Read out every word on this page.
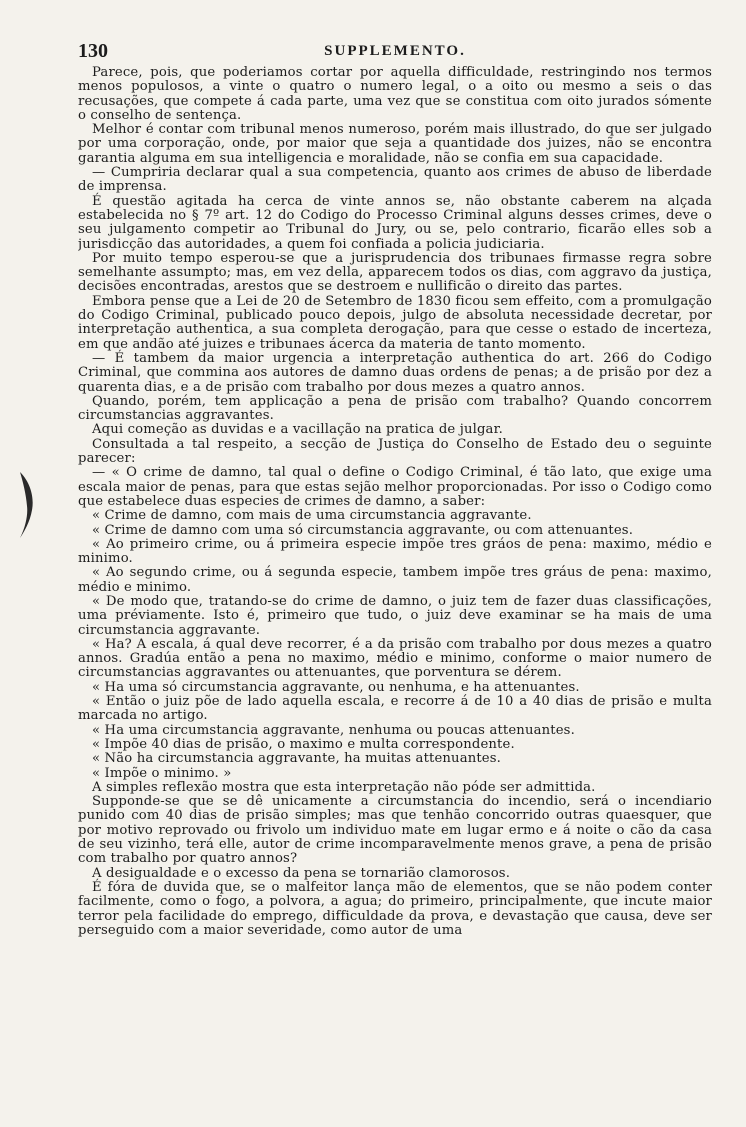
130	SUPPLEMENTO.

Parece, pois, que poderiamos cortar por aquella difficuldade, restringindo nos termos menos populosos, a vinte o quatro o numero legal, o a oito ou mesmo a seis o das recusações, que compete á cada parte, uma vez que se constitua com oito jurados sómente o conselho de sentença.

Melhor é contar com tribunal menos numeroso, porém mais illustrado, do que ser julgado por uma corporação, onde, por maior que seja a quantidade dos juizes, não se encontra garantia alguma em sua intelligencia e moralidade, não se confia em sua capacidade.

— Cumpriria declarar qual a sua competencia, quanto aos crimes de abuso de liberdade de imprensa.

É questão agitada ha cerca de vinte annos se, não obstante caberem na alçada estabelecida no § 7º art. 12 do Codigo do Processo Criminal alguns desses crimes, deve o seu julgamento competir ao Tribunal do Jury, ou se, pelo contrario, ficarão elles sob a jurisdicção das autoridades, a quem foi confiada a policia judiciaria.

Por muito tempo esperou-se que a jurisprudencia dos tribunaes firmasse regra sobre semelhante assumpto; mas, em vez della, apparecem todos os dias, com aggravo da justiça, decisões encontradas, arestos que se destroem e nullificão o direito das partes.

Embora pense que a Lei de 20 de Setembro de 1830 ficou sem effeito, com a promulgação do Codigo Criminal, publicado pouco depois, julgo de absoluta necessidade decretar, por interpretação authentica, a sua completa derogação, para que cesse o estado de incerteza, em que andão até juizes e tribunaes ácerca da materia de tanto momento.

— É tambem da maior urgencia a interpretação authentica do art. 266 do Codigo Criminal, que commina aos autores de damno duas ordens de penas; a de prisão por dez a quarenta dias, e a de prisão com trabalho por dous mezes a quatro annos.

Quando, porém, tem applicação a pena de prisão com trabalho? Quando concorrem circumstancias aggravantes.

Aqui começão as duvidas e a vacillação na pratica de julgar.

Consultada a tal respeito, a secção de Justiça do Conselho de Estado deu o seguinte parecer:

— « O crime de damno, tal qual o define o Codigo Criminal, é tão lato, que exige uma escala maior de penas, para que estas sejão melhor proporcionadas. Por isso o Codigo como que estabelece duas especies de crimes de damno, a saber:

« Crime de damno, com mais de uma circumstancia aggravante.

« Crime de damno com uma só circumstancia aggravante, ou com attenuantes.

« Ao primeiro crime, ou á primeira especie impõe tres gráos de pena: maximo, médio e minimo.

« Ao segundo crime, ou á segunda especie, tambem impõe tres gráus de pena: maximo, médio e minimo.

« De modo que, tratando-se do crime de damno, o juiz tem de fazer duas classificações, uma préviamente. Isto é, primeiro que tudo, o juiz deve examinar se ha mais de uma circumstancia aggravante.

« Ha? A escala, á qual deve recorrer, é a da prisão com trabalho por dous mezes a quatro annos. Gradúa então a pena no maximo, médio e minimo, conforme o maior numero de circumstancias aggravantes ou attenuantes, que porventura se dérem.

« Ha uma só circumstancia aggravante, ou nenhuma, e ha attenuantes.

« Então o juiz põe de lado aquella escala, e recorre á de 10 a 40 dias de prisão e multa marcada no artigo.

« Ha uma circumstancia aggravante, nenhuma ou poucas attenuantes.

« Impõe 40 dias de prisão, o maximo e multa correspondente.

« Não ha circumstancia aggravante, ha muitas attenuantes.

« Impõe o minimo. »

A simples reflexão mostra que esta interpretação não póde ser admittida.

Supponde-se que se dê unicamente a circumstancia do incendio, será o incendiario punido com 40 dias de prisão simples; mas que tenhão concorrido outras quaesquer, que por motivo reprovado ou frivolo um individuo mate em lugar ermo e á noite o cão da casa de seu vizinho, terá elle, autor de crime incomparavelmente menos grave, a pena de prisão com trabalho por quatro annos?

A desigualdade e o excesso da pena se tornarião clamorosos.

É fóra de duvida que, se o malfeitor lança mão de elementos, que se não podem conter facilmente, como o fogo, a polvora, a agua; do primeiro, principalmente, que incute maior terror pela facilidade do emprego, difficuldade da prova, e devastação que causa, deve ser perseguido com a maior severidade, como autor de uma
